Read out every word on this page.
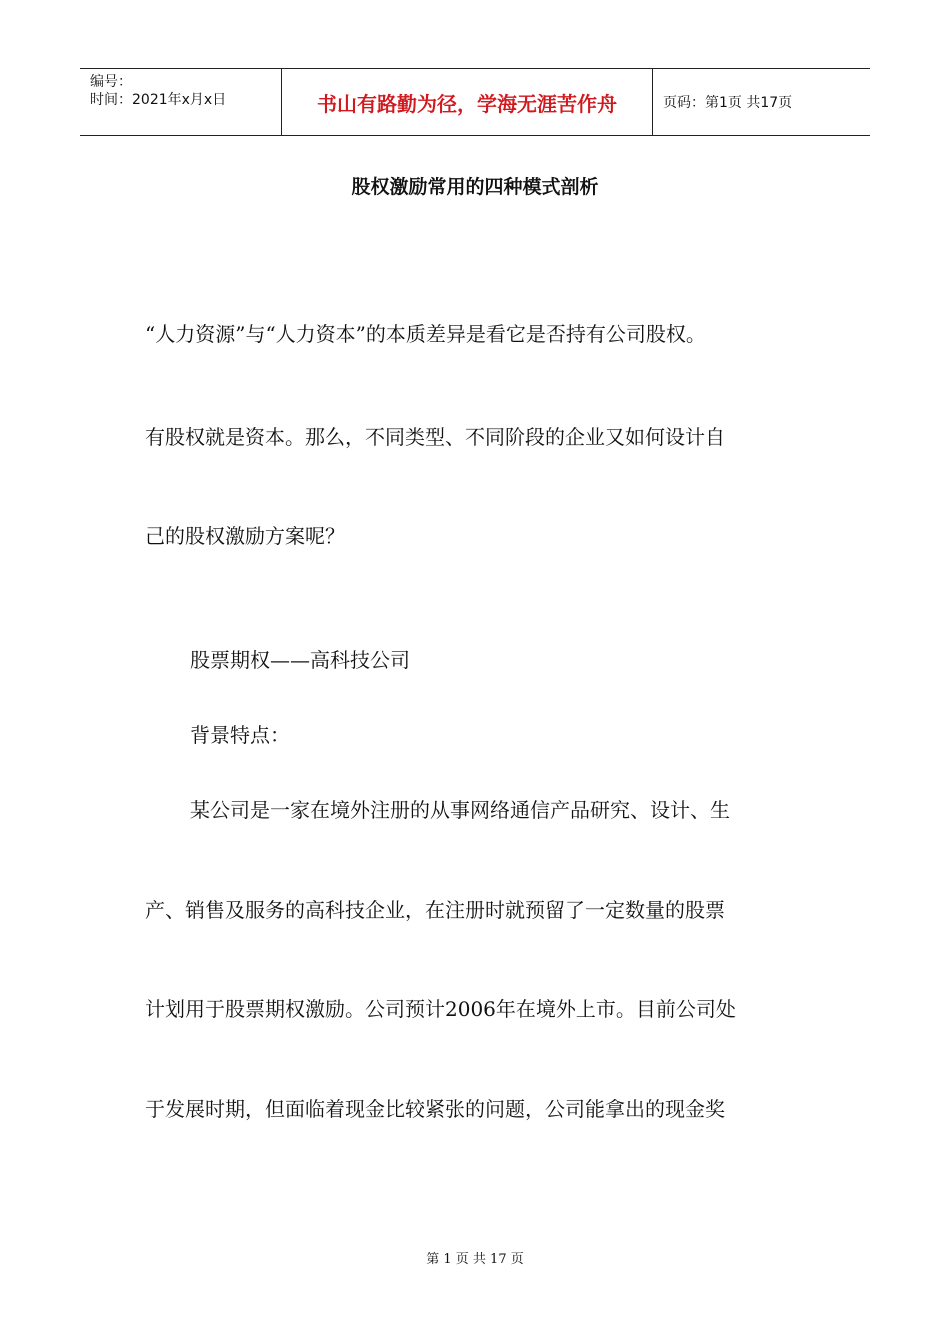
编号：
时间：2021年x月x日	书山有路勤为径，学海无涯苦作舟	页码：第1页 共17页
股权激励常用的四种模式剖析
“人力资源”与“人力资本”的本质差异是看它是否持有公司股权。
有股权就是资本。那么，不同类型、不同阶段的企业又如何设计自
己的股权激励方案呢？
股票期权——高科技公司
背景特点：
某公司是一家在境外注册的从事网络通信产品研究、设计、生
产、销售及服务的高科技企业，在注册时就预留了一定数量的股票
计划用于股票期权激励。公司预计2006年在境外上市。目前公司处
于发展时期，但面临着现金比较紧张的问题，公司能拿出的现金奖
第 1 页 共 17 页
